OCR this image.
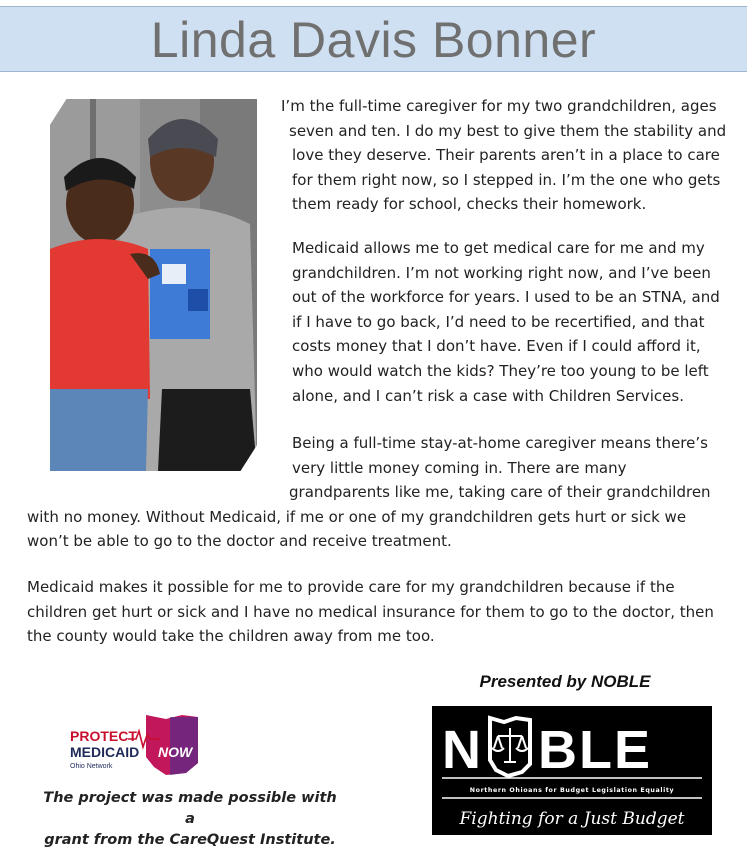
Linda Davis Bonner

I’m the full-time caregiver for my two grandchildren, ages

seven and ten. I do my best to give them the stability and

love they deserve. Their parents aren’t in a place to care

for them right now, so I stepped in. I’m the one who gets

them ready for school, checks their homework.

Medicaid allows me to get medical care for me and my

grandchildren. I’m not working right now, and I’ve been

out of the workforce for years. I used to be an STNA, and

if I have to go back, I’d need to be recertified, and that

costs money that I don’t have. Even if I could afford it,

who would watch the kids? They’re too young to be left

alone, and I can’t risk a case with Children Services.

Being a full-time stay-at-home caregiver means there’s

very little money coming in. There are many

grandparents like me, taking care of their grandchildren

with no money. Without Medicaid, if me or one of my grandchildren gets hurt or sick we

won’t be able to go to the doctor and receive treatment.

Medicaid makes it possible for me to provide care for my grandchildren because if the

children get hurt or sick and I have no medical insurance for them to go to the doctor, then

the county would take the children away from me too.

Presented by NOBLE
N BLE
Northern Ohioans for Budget Legislation Equality
Fighting for a Just Budget
PROTECT
MEDICAID NOW
Ohio Network
The project was made possible with a
grant from the CareQuest Institute.
